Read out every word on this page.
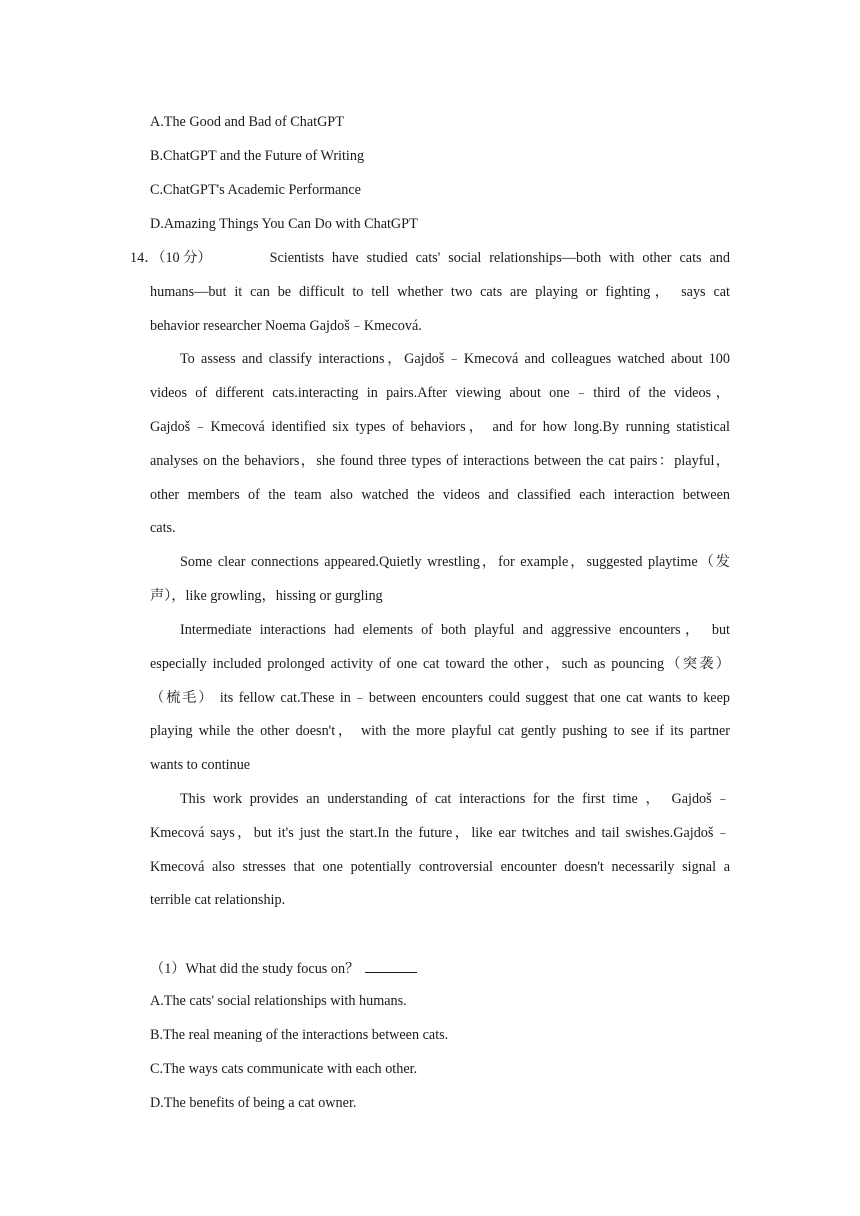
A.The Good and Bad of ChatGPT
B.ChatGPT and the Future of Writing
C.ChatGPT's Academic Performance
D.Amazing Things You Can Do with ChatGPT
14．（10 分）	Scientists have studied cats' social relationships—both with other cats and
humans—but it can be difficult to tell whether two cats are playing or fighting， says cat
behavior researcher Noema Gajdoš﹣Kmecová.
To assess and classify interactions，Gajdoš﹣Kmecová and colleagues watched about 100
videos of different cats.interacting in pairs.After viewing about one﹣third of the videos，
Gajdoš﹣Kmecová identified six types of behaviors， and for how long.By running statistical
analyses on the behaviors，she found three types of interactions between the cat pairs：playful，
other members of the team also watched the videos and classified each interaction between
cats.
Some clear connections appeared.Quietly wrestling，for example，suggested playtime（发
声），like growling，hissing or gurgling
Intermediate interactions had elements of both playful and aggressive encounters， but
especially included prolonged activity of one cat toward the other，such as pouncing（突袭）
（梳毛） its fellow cat.These in﹣between encounters could suggest that one cat wants to keep
playing while the other doesn't， with the more playful cat gently pushing to see if its partner
wants to continue
This work provides an understanding of cat interactions for the first time ， Gajdoš﹣
Kmecová says，but it's just the start.In the future，like ear twitches and tail swishes.Gajdoš﹣
Kmecová also stresses that one potentially controversial encounter doesn't necessarily signal a
terrible cat relationship.
（1）What did the study focus on？
A.The cats' social relationships with humans.
B.The real meaning of the interactions between cats.
C.The ways cats communicate with each other.
D.The benefits of being a cat owner.
